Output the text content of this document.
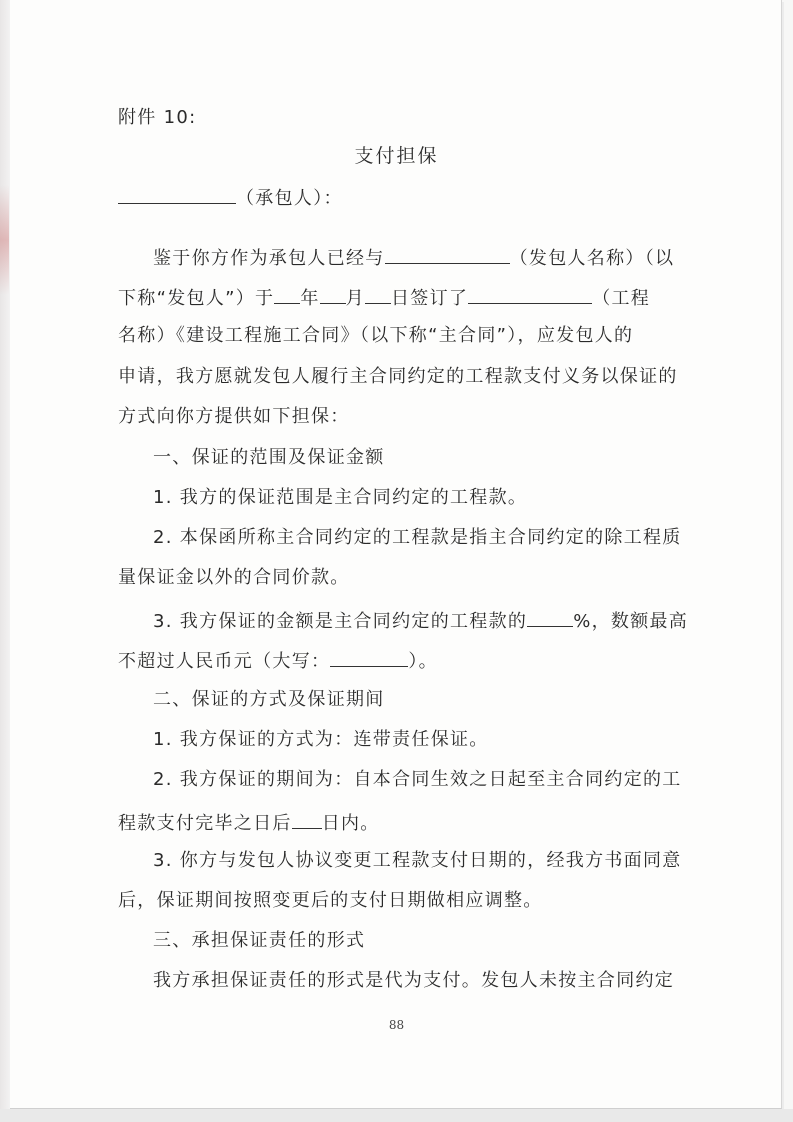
附件 10:
支付担保
（承包人）：
鉴于你方作为承包人已经与	（发包人名称）（以
下称“发包人”）于 年 月 日签订了	（工程
名称）《建设工程施工合同》（以下称“主合同”），应发包人的
申请，我方愿就发包人履行主合同约定的工程款支付义务以保证的
方式向你方提供如下担保：
一、保证的范围及保证金额
1. 我方的保证范围是主合同约定的工程款。
2. 本保函所称主合同约定的工程款是指主合同约定的除工程质
量保证金以外的合同价款。
3. 我方保证的金额是主合同约定的工程款的	%，数额最高
不超过人民币元（大写：	）。
二、保证的方式及保证期间
1. 我方保证的方式为：连带责任保证。
2. 我方保证的期间为：自本合同生效之日起至主合同约定的工
程款支付完毕之日后 日内。
3. 你方与发包人协议变更工程款支付日期的，经我方书面同意
后，保证期间按照变更后的支付日期做相应调整。
三、承担保证责任的形式
我方承担保证责任的形式是代为支付。发包人未按主合同约定
88
